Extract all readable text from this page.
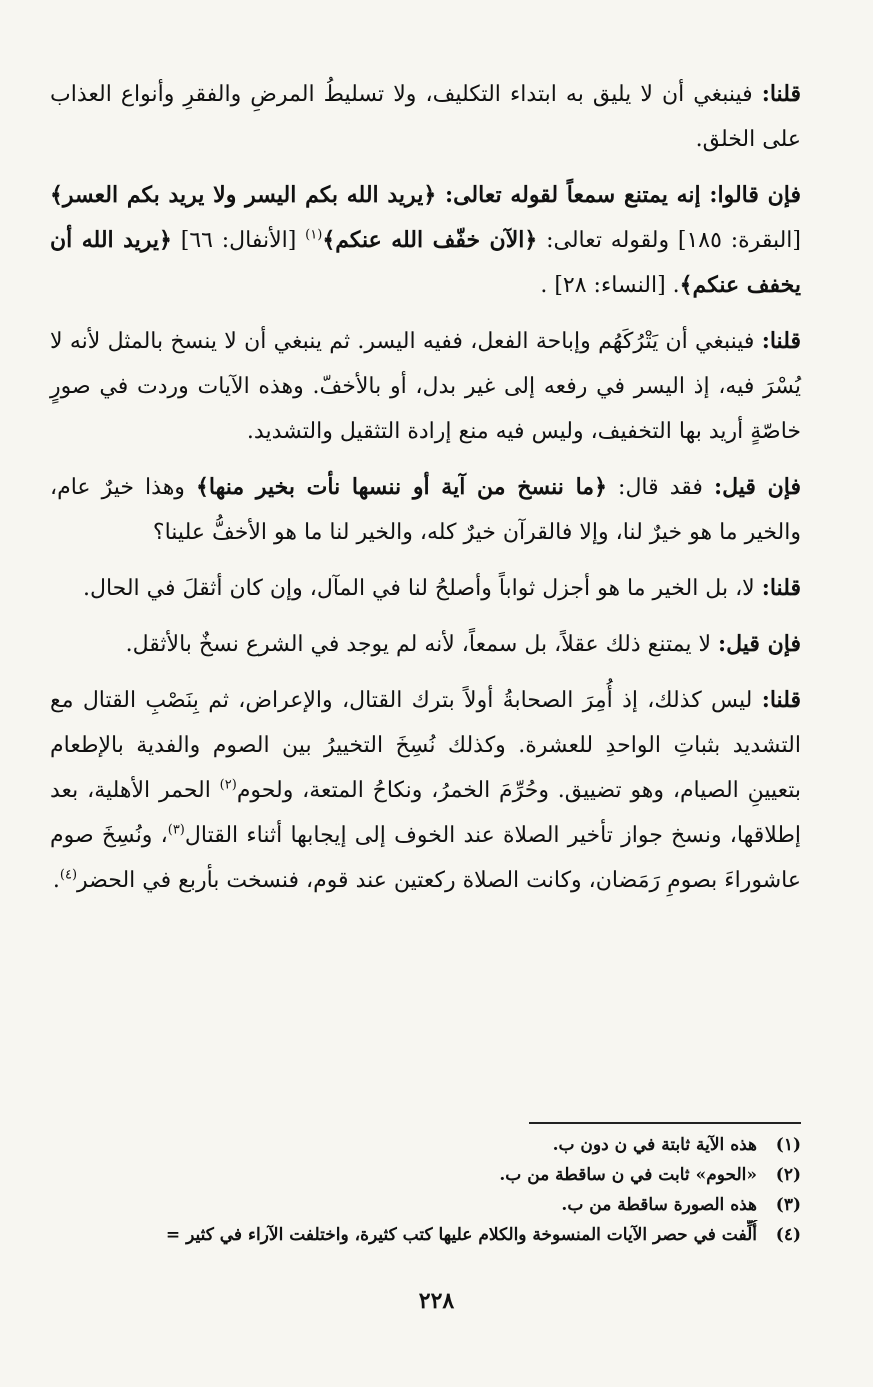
قلنا: فينبغي أن لا يليق به ابتداء التكليف، ولا تسليطُ المرضِ والفقرِ وأنواع العذاب على الخلق.

فإن قالوا: إنه يمتنع سمعاً لقوله تعالى: ﴿يريد الله بكم اليسر ولا يريد بكم العسر﴾ [البقرة: ١٨٥] ولقوله تعالى: ﴿الآن خفّف الله عنكم﴾$^{(١)}$ [الأنفال: ٦٦] ﴿يريد الله أن يخفف عنكم﴾. [النساء: ٢٨] .

قلنا: فينبغي أن يَتْرُكَهُم وإباحة الفعل، ففيه اليسر. ثم ينبغي أن لا ينسخ بالمثل لأنه لا يُسْرَ فيه، إذ اليسر في رفعه إلى غير بدل، أو بالأخفّ. وهذه الآيات وردت في صورٍ خاصّةٍ أريد بها التخفيف، وليس فيه منع إرادة التثقيل والتشديد.

فإن قيل: فقد قال: ﴿ما ننسخ من آية أو ننسها نأت بخير منها﴾ وهذا خيرٌ عام، والخير ما هو خيرٌ لنا، وإلا فالقرآن خيرٌ كله، والخير لنا ما هو الأخفُّ علينا؟

قلنا: لا، بل الخير ما هو أجزل ثواباً وأصلحُ لنا في المآل، وإن كان أثقلَ في الحال.

فإن قيل: لا يمتنع ذلك عقلاً، بل سمعاً، لأنه لم يوجد في الشرع نسخٌ بالأثقل.

قلنا: ليس كذلك، إذ أُمِرَ الصحابةُ أولاً بترك القتال، والإعراض، ثم بِنَصْبِ القتال مع التشديد بثباتِ الواحدِ للعشرة. وكذلك نُسِخَ التخييرُ بين الصوم والفدية بالإطعام بتعيينِ الصيام، وهو تضييق. وحُرِّمَ الخمرُ، ونكاحُ المتعة، ولحوم$^{(٢)}$ الحمر الأهلية، بعد إطلاقها، ونسخ جواز تأخير الصلاة عند الخوف إلى إيجابها أثناء القتال$^{(٣)}$، ونُسِخَ صوم عاشوراءَ بصومِ رَمَضان، وكانت الصلاة ركعتين عند قوم، فنسخت بأربع في الحضر$^{(٤)}$.

(١)هذه الآية ثابتة في ن دون ب.
(٢)«الحوم» ثابت في ن ساقطة من ب.
(٣)هذه الصورة ساقطة من ب.
(٤)أُلِّفت في حصر الآيات المنسوخة والكلام عليها كتب كثيرة، واختلفت الآراء في كثير =
٢٢٨
